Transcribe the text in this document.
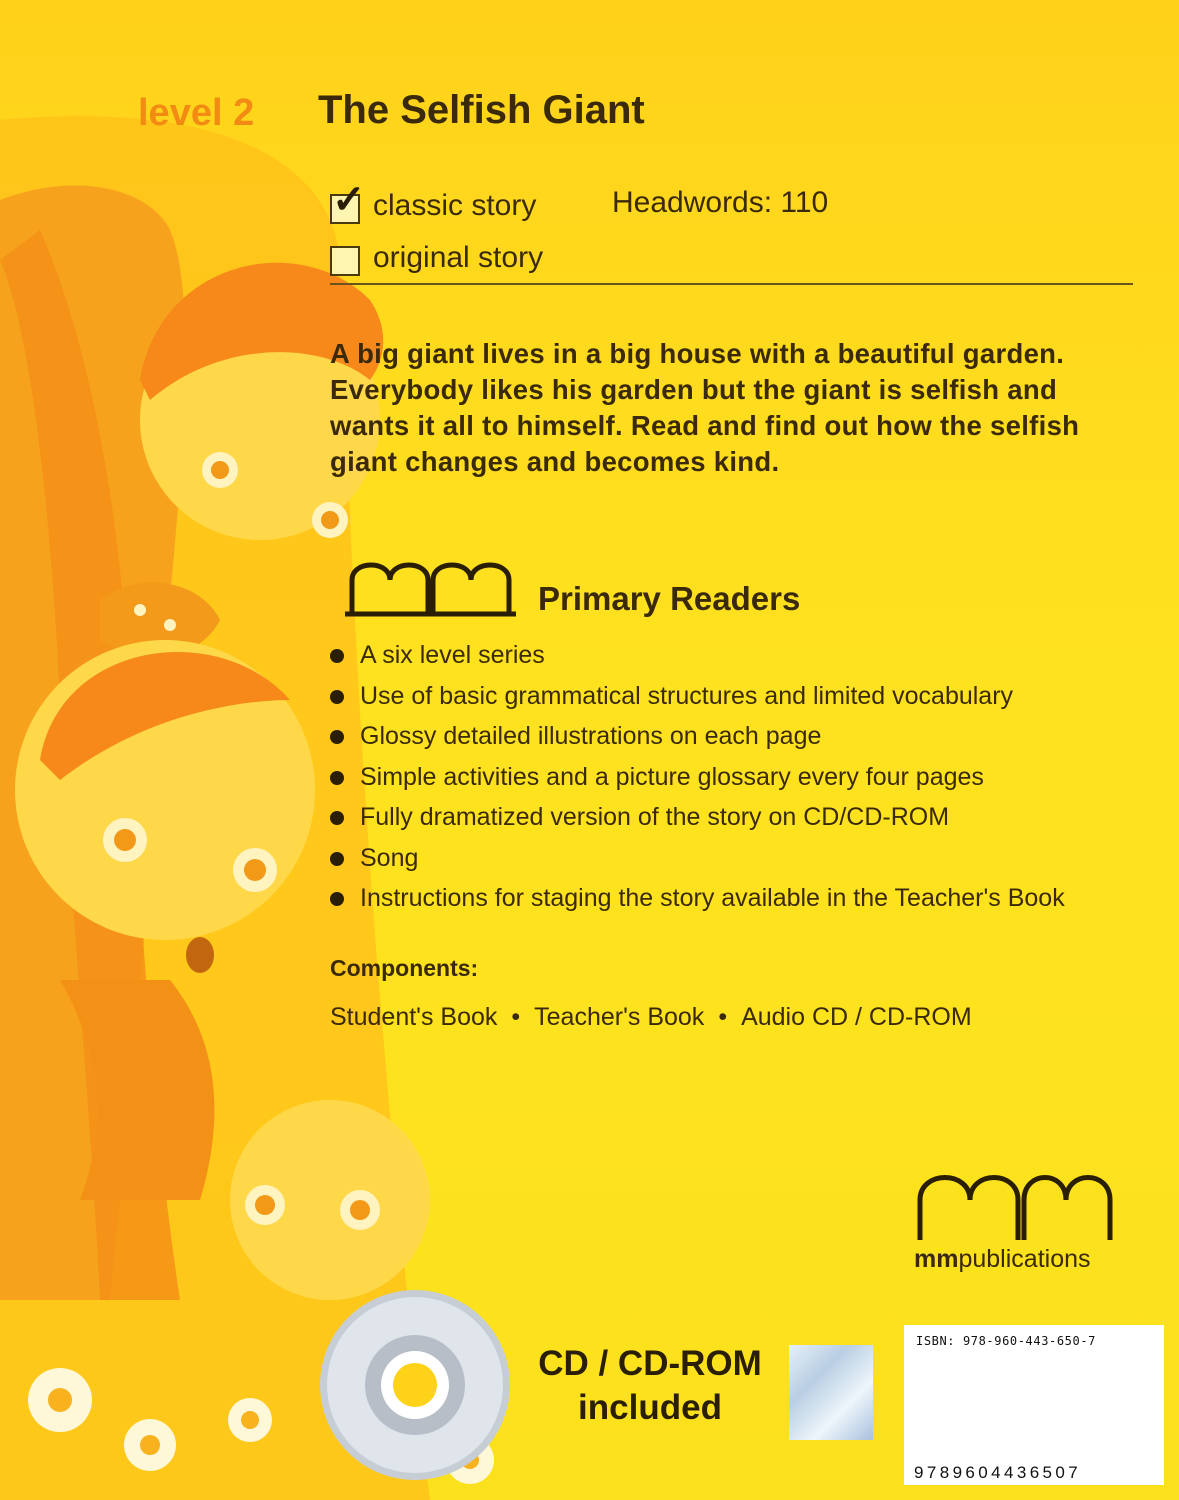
level 2 The Selfish Giant
✓ classic story
original story
Headwords: 110
A big giant lives in a big house with a beautiful garden. Everybody likes his garden but the giant is selfish and wants it all to himself. Read and find out how the selfish giant changes and becomes kind.
Primary Readers
A six level series
Use of basic grammatical structures and limited vocabulary
Glossy detailed illustrations on each page
Simple activities and a picture glossary every four pages
Fully dramatized version of the story on CD/CD-ROM
Song
Instructions for staging the story available in the Teacher's Book
Components:
Student's Book • Teacher's Book • Audio CD / CD-ROM
mmpublications
CD / CD-ROM
included
ISBN: 978-960-443-650-7
9789604436507
